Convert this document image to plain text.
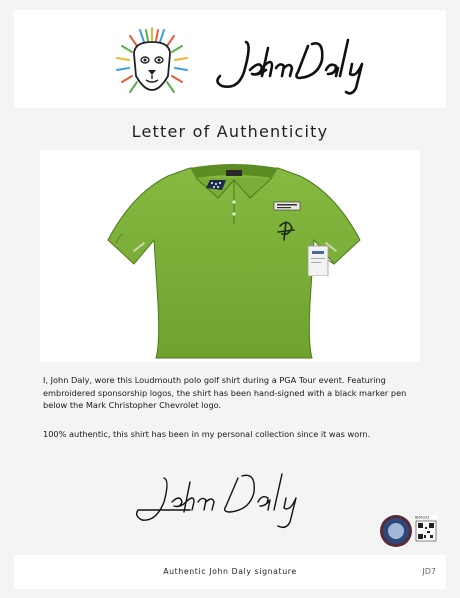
Letter of Authenticity

I, John Daly, wore this Loudmouth polo golf shirt during a PGA Tour event. Featuring embroidered sponsorship logos, the shirt has been hand-signed with a black marker pen below the Mark Christopher Chevrolet logo.

100% authentic, this shirt has been in my personal collection since it was worn.

BJ64333
Authentic John Daly signature	JD7
